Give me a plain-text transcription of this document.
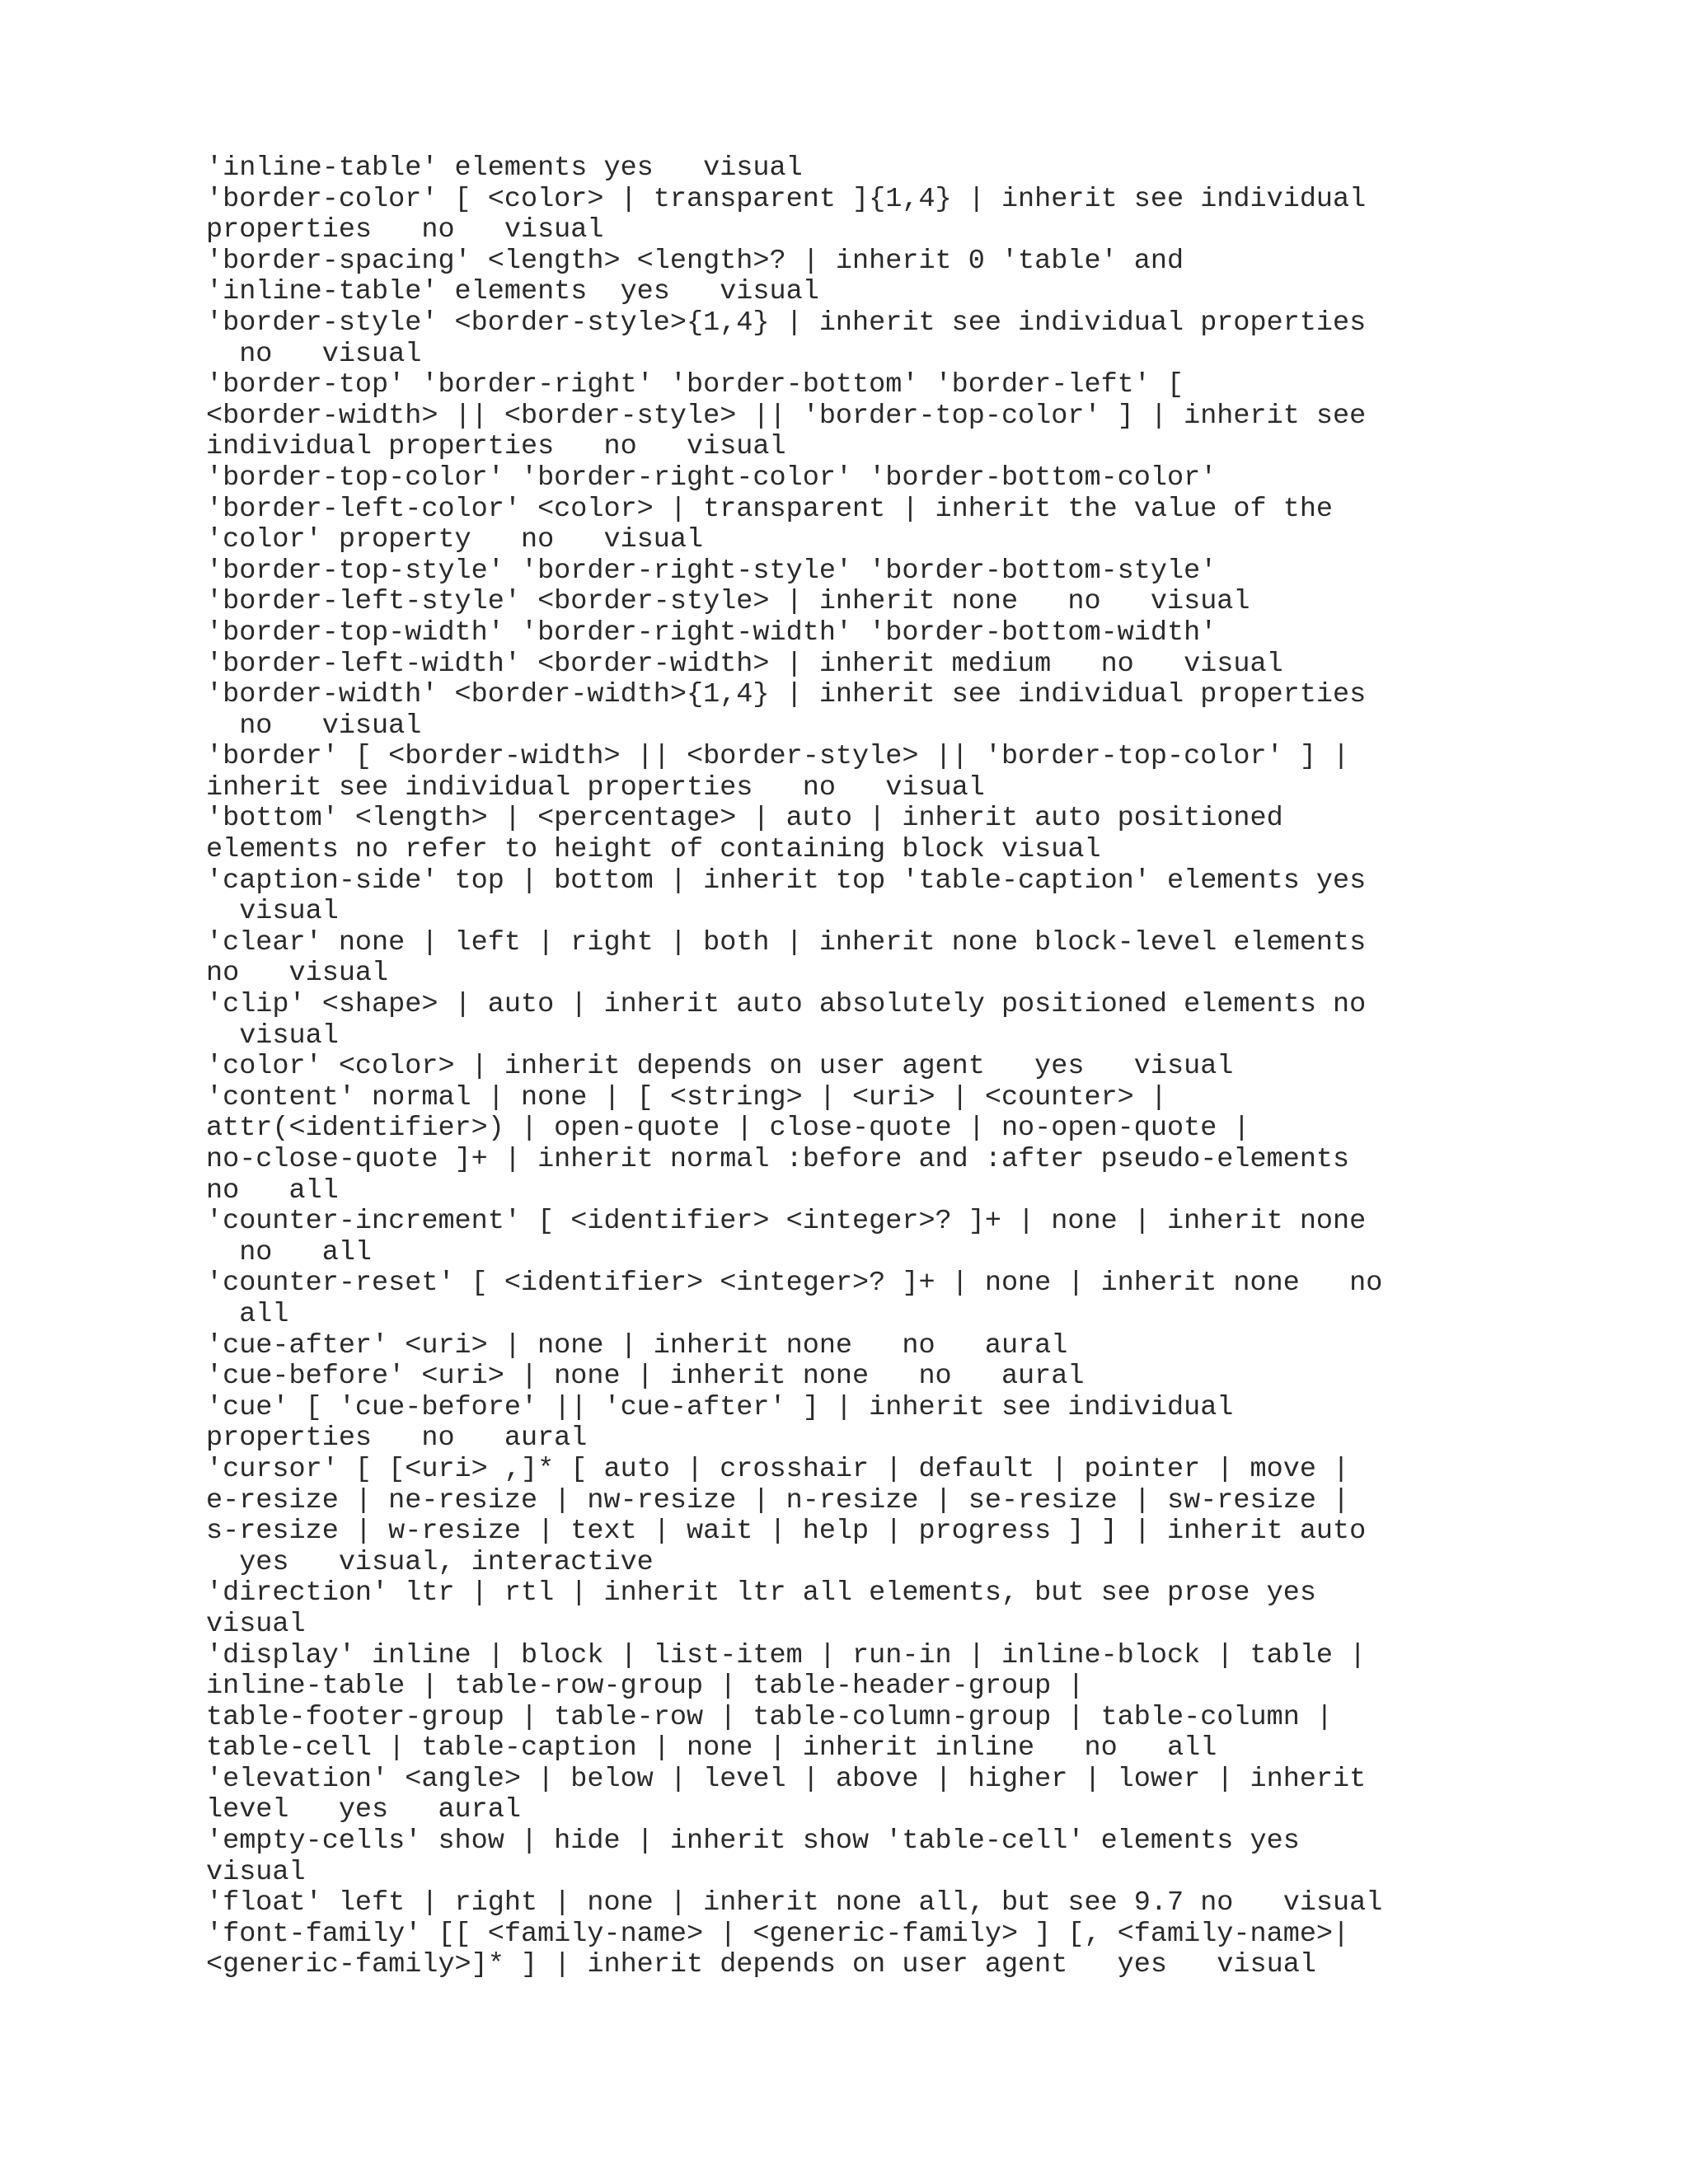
'inline-table' elements yes   visual
'border-color' [ <color> | transparent ]{1,4} | inherit see individual
properties   no   visual
'border-spacing' <length> <length>? | inherit 0 'table' and
'inline-table' elements  yes   visual
'border-style' <border-style>{1,4} | inherit see individual properties
no   visual
'border-top' 'border-right' 'border-bottom' 'border-left' [
<border-width> || <border-style> || 'border-top-color' ] | inherit see
individual properties   no   visual
'border-top-color' 'border-right-color' 'border-bottom-color'
'border-left-color' <color> | transparent | inherit the value of the
'color' property   no   visual
'border-top-style' 'border-right-style' 'border-bottom-style'
'border-left-style' <border-style> | inherit none   no   visual
'border-top-width' 'border-right-width' 'border-bottom-width'
'border-left-width' <border-width> | inherit medium   no   visual
'border-width' <border-width>{1,4} | inherit see individual properties
no   visual
'border' [ <border-width> || <border-style> || 'border-top-color' ] |
inherit see individual properties   no   visual
'bottom' <length> | <percentage> | auto | inherit auto positioned
elements no refer to height of containing block visual
'caption-side' top | bottom | inherit top 'table-caption' elements yes
visual
'clear' none | left | right | both | inherit none block-level elements
no   visual
'clip' <shape> | auto | inherit auto absolutely positioned elements no
visual
'color' <color> | inherit depends on user agent   yes   visual
'content' normal | none | [ <string> | <uri> | <counter> |
attr(<identifier>) | open-quote | close-quote | no-open-quote |
no-close-quote ]+ | inherit normal :before and :after pseudo-elements
no   all
'counter-increment' [ <identifier> <integer>? ]+ | none | inherit none
no   all
'counter-reset' [ <identifier> <integer>? ]+ | none | inherit none   no
all
'cue-after' <uri> | none | inherit none   no   aural
'cue-before' <uri> | none | inherit none   no   aural
'cue' [ 'cue-before' || 'cue-after' ] | inherit see individual
properties   no   aural
'cursor' [ [<uri> ,]* [ auto | crosshair | default | pointer | move |
e-resize | ne-resize | nw-resize | n-resize | se-resize | sw-resize |
s-resize | w-resize | text | wait | help | progress ] ] | inherit auto
yes   visual, interactive
'direction' ltr | rtl | inherit ltr all elements, but see prose yes
visual
'display' inline | block | list-item | run-in | inline-block | table |
inline-table | table-row-group | table-header-group |
table-footer-group | table-row | table-column-group | table-column |
table-cell | table-caption | none | inherit inline   no   all
'elevation' <angle> | below | level | above | higher | lower | inherit
level   yes   aural
'empty-cells' show | hide | inherit show 'table-cell' elements yes
visual
'float' left | right | none | inherit none all, but see 9.7 no   visual
'font-family' [[ <family-name> | <generic-family> ] [, <family-name>|
<generic-family>]* ] | inherit depends on user agent   yes   visual
